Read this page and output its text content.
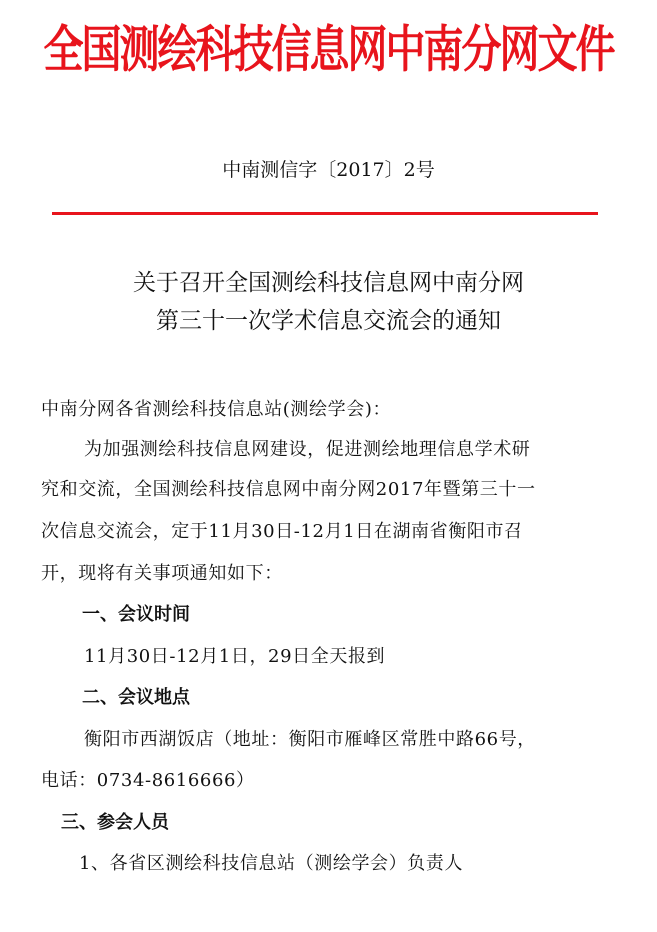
全国测绘科技信息网中南分网文件
中南测信字〔2017〕2号
关于召开全国测绘科技信息网中南分网
第三十一次学术信息交流会的通知
中南分网各省测绘科技信息站(测绘学会)：
为加强测绘科技信息网建设，促进测绘地理信息学术研
究和交流，全国测绘科技信息网中南分网2017年暨第三十一
次信息交流会，定于11月30日-12月1日在湖南省衡阳市召
开，现将有关事项通知如下：
一、会议时间
11月30日-12月1日，29日全天报到
二、会议地点
衡阳市西湖饭店（地址：衡阳市雁峰区常胜中路66号，
电话：0734-8616666）
三、参会人员
1、各省区测绘科技信息站（测绘学会）负责人
